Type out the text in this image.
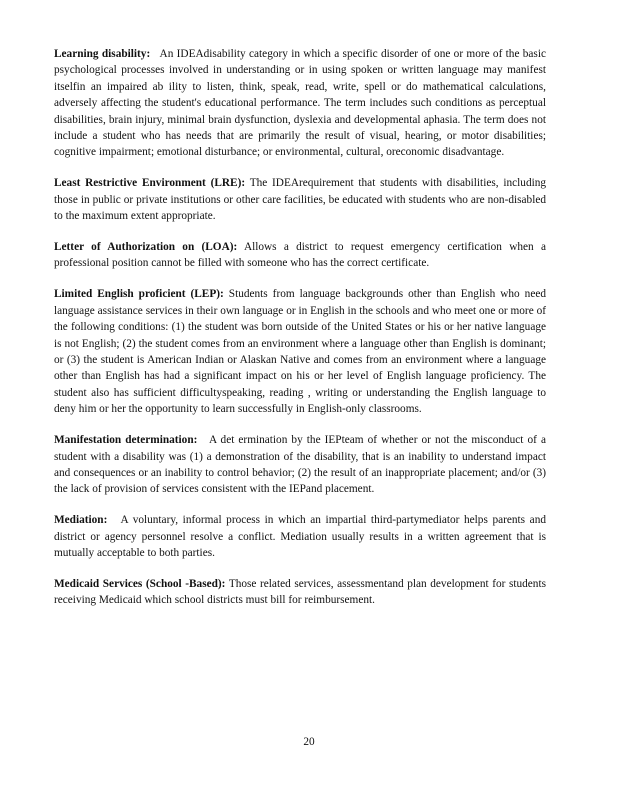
Learning disability: An IDEAdisability category in which a specific disorder of one or more of the basic psychological processes involved in understanding or in using spoken or written language may manifest itselfin an impaired ab ility to listen, think, speak, read, write, spell or do mathematical calculations, adversely affecting the student's educational performance. The term includes such conditions as perceptual disabilities, brain injury, minimal brain dysfunction, dyslexia and developmental aphasia. The term does not include a student who has needs that are primarily the result of visual, hearing, or motor disabilities; cognitive impairment; emotional disturbance; or environmental, cultural, oreconomic disadvantage.

Least Restrictive Environment (LRE): The IDEArequirement that students with disabilities, including those in public or private institutions or other care facilities, be educated with students who are non-disabled to the maximum extent appropriate.

Letter of Authorization on (LOA): Allows a district to request emergency certification when a professional position cannot be filled with someone who has the correct certificate.

Limited English proficient (LEP): Students from language backgrounds other than English who need language assistance services in their own language or in English in the schools and who meet one or more of the following conditions: (1) the student was born outside of the United States or his or her native language is not English; (2) the student comes from an environment where a language other than English is dominant; or (3) the student is American Indian or Alaskan Native and comes from an environment where a language other than English has had a significant impact on his or her level of English language proficiency. The student also has sufficient difficultyspeaking, reading , writing or understanding the English language to deny him or her the opportunity to learn successfully in English-only classrooms.

Manifestation determination: A det ermination by the IEPteam of whether or not the misconduct of a student with a disability was (1) a demonstration of the disability, that is an inability to understand impact and consequences or an inability to control behavior; (2) the result of an inappropriate placement; and/or (3) the lack of provision of services consistent with the IEPand placement.

Mediation: A voluntary, informal process in which an impartial third-partymediator helps parents and district or agency personnel resolve a conflict. Mediation usually results in a written agreement that is mutually acceptable to both parties.

Medicaid Services (School -Based): Those related services, assessmentand plan development for students receiving Medicaid which school districts must bill for reimbursement.

20
